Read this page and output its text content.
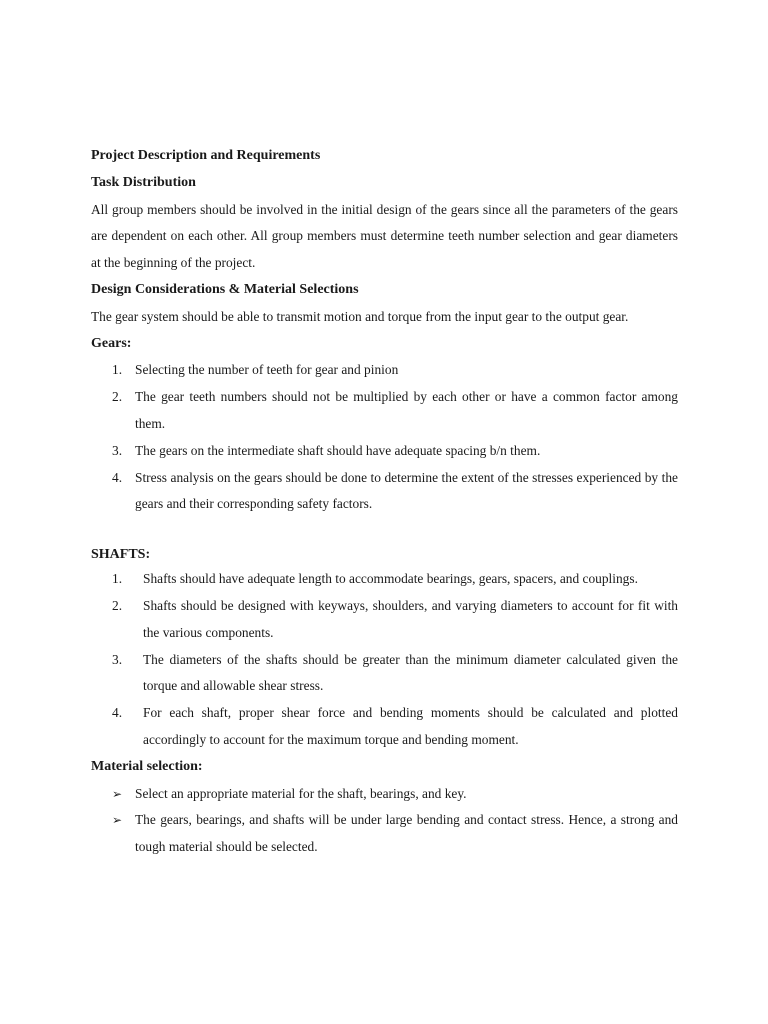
Project Description and Requirements

Task Distribution

All group members should be involved in the initial design of the gears since all the parameters of the gears are dependent on each other. All group members must determine teeth number selection and gear diameters at the beginning of the project.

Design Considerations & Material Selections

The gear system should be able to transmit motion and torque from the input gear to the output gear.

Gears:

1. Selecting the number of teeth for gear and pinion
2. The gear teeth numbers should not be multiplied by each other or have a common factor among them.
3. The gears on the intermediate shaft should have adequate spacing b/n them.
4. Stress analysis on the gears should be done to determine the extent of the stresses experienced by the gears and their corresponding safety factors.

SHAFTS:

1. Shafts should have adequate length to accommodate bearings, gears, spacers, and couplings.
2. Shafts should be designed with keyways, shoulders, and varying diameters to account for fit with the various components.
3. The diameters of the shafts should be greater than the minimum diameter calculated given the torque and allowable shear stress.
4. For each shaft, proper shear force and bending moments should be calculated and plotted accordingly to account for the maximum torque and bending moment.

Material selection:

➢ Select an appropriate material for the shaft, bearings, and key.
➢ The gears, bearings, and shafts will be under large bending and contact stress. Hence, a strong and tough material should be selected.
